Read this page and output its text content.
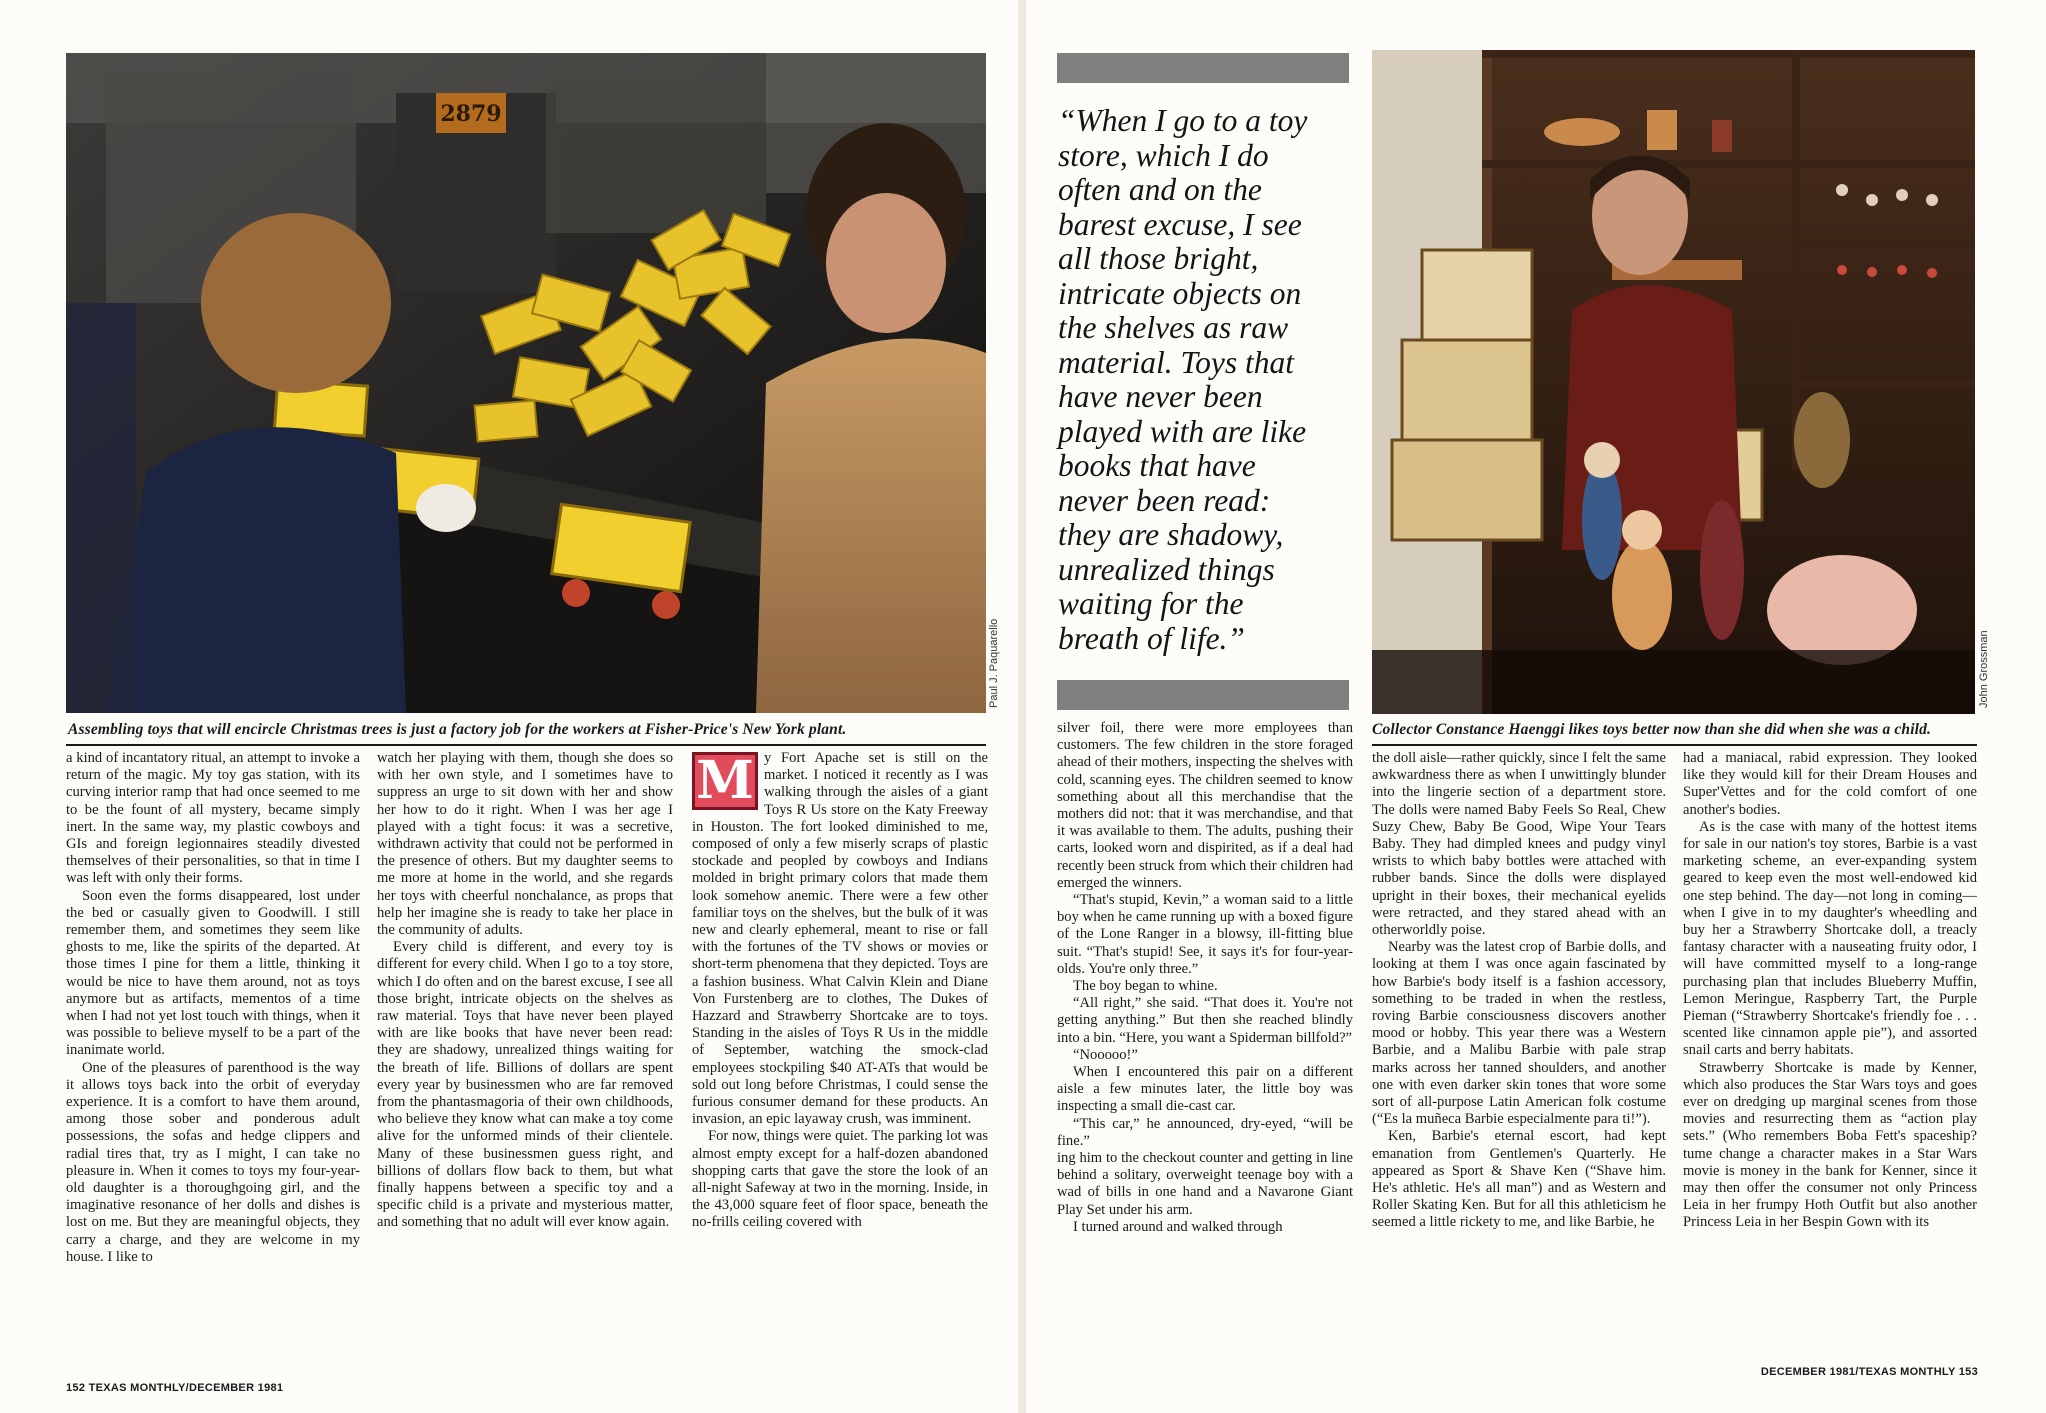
2879
Paul J. Paquarello
Assembling toys that will encircle Christmas trees is just a factory job for the workers at Fisher-Price's New York plant.

a kind of incantatory ritual, an attempt to invoke a return of the magic. My toy gas station, with its curving interior ramp that had once seemed to me to be the fount of all mystery, became simply inert. In the same way, my plastic cowboys and GIs and foreign legionnaires steadily divested themselves of their personalities, so that in time I was left with only their forms.

Soon even the forms disappeared, lost under the bed or casually given to Goodwill. I still remember them, and sometimes they seem like ghosts to me, like the spirits of the departed. At those times I pine for them a little, thinking it would be nice to have them around, not as toys anymore but as artifacts, mementos of a time when I had not yet lost touch with things, when it was possible to believe myself to be a part of the inanimate world.

One of the pleasures of parenthood is the way it allows toys back into the orbit of everyday experience. It is a comfort to have them around, among those sober and ponderous adult possessions, the sofas and hedge clippers and radial tires that, try as I might, I can take no pleasure in. When it comes to toys my four-year-old daughter is a thoroughgoing girl, and the imaginative resonance of her dolls and dishes is lost on me. But they are meaningful objects, they carry a charge, and they are welcome in my house. I like to

watch her playing with them, though she does so with her own style, and I sometimes have to suppress an urge to sit down with her and show her how to do it right. When I was her age I played with a tight focus: it was a secretive, withdrawn activity that could not be performed in the presence of others. But my daughter seems to me more at home in the world, and she regards her toys with cheerful nonchalance, as props that help her imagine she is ready to take her place in the community of adults.

Every child is different, and every toy is different for every child. When I go to a toy store, which I do often and on the barest excuse, I see all those bright, intricate objects on the shelves as raw material. Toys that have never been played with are like books that have never been read: they are shadowy, unrealized things waiting for the breath of life. Billions of dollars are spent every year by businessmen who are far removed from the phantasmagoria of their own childhoods, who believe they know what can make a toy come alive for the unformed minds of their clientele. Many of these businessmen guess right, and billions of dollars flow back to them, but what finally happens between a specific toy and a specific child is a private and mysterious matter, and something that no adult will ever know again.

M y Fort Apache set is still on the market. I noticed it recently as I was walking through the aisles of a giant Toys R Us store on the Katy Freeway in Houston. The fort looked diminished to me, composed of only a few miserly scraps of plastic stockade and peopled by cowboys and Indians molded in bright primary colors that made them look somehow anemic. There were a few other familiar toys on the shelves, but the bulk of it was new and clearly ephemeral, meant to rise or fall with the fortunes of the TV shows or movies or short-term phenomena that they depicted. Toys are a fashion business. What Calvin Klein and Diane Von Furstenberg are to clothes, The Dukes of Hazzard and Strawberry Shortcake are to toys. Standing in the aisles of Toys R Us in the middle of September, watching the smock-clad employees stockpiling $40 AT-ATs that would be sold out long before Christmas, I could sense the furious consumer demand for these products. An invasion, an epic layaway crush, was imminent.

For now, things were quiet. The parking lot was almost empty except for a half-dozen abandoned shopping carts that gave the store the look of an all-night Safeway at two in the morning. Inside, in the 43,000 square feet of floor space, beneath the no-frills ceiling covered with

152 TEXAS MONTHLY/DECEMBER 1981
“When I go to a toy store, which I do often and on the barest excuse, I see all those bright, intricate objects on the shelves as raw material. Toys that have never been played with are like books that have never been read: they are shadowy, unrealized things waiting for the breath of life.”	John Grossman
Collector Constance Haenggi likes toys better now than she did when she was a child.

silver foil, there were more employees than customers. The few children in the store foraged ahead of their mothers, inspecting the shelves with cold, scanning eyes. The children seemed to know something about all this merchandise that the mothers did not: that it was merchandise, and that it was available to them. The adults, pushing their carts, looked worn and dispirited, as if a deal had recently been struck from which their children had emerged the winners.

“That's stupid, Kevin,” a woman said to a little boy when he came running up with a boxed figure of the Lone Ranger in a blowsy, ill-fitting blue suit. “That's stupid! See, it says it's for four-year-olds. You're only three.”

The boy began to whine.

“All right,” she said. “That does it. You're not getting anything.” But then she reached blindly into a bin. “Here, you want a Spiderman billfold?”

“Nooooo!”

When I encountered this pair on a different aisle a few minutes later, the little boy was inspecting a small die-cast car.

“This car,” he announced, dry-eyed, “will be fine.”

ing him to the checkout counter and getting in line behind a solitary, overweight teenage boy with a wad of bills in one hand and a Navarone Giant Play Set under his arm.

I turned around and walked through

the doll aisle—rather quickly, since I felt the same awkwardness there as when I unwittingly blunder into the lingerie section of a department store. The dolls were named Baby Feels So Real, Chew Suzy Chew, Baby Be Good, Wipe Your Tears Baby. They had dimpled knees and pudgy vinyl wrists to which baby bottles were attached with rubber bands. Since the dolls were displayed upright in their boxes, their mechanical eyelids were retracted, and they stared ahead with an otherworldly poise.

Nearby was the latest crop of Barbie dolls, and looking at them I was once again fascinated by how Barbie's body itself is a fashion accessory, something to be traded in when the restless, roving Barbie consciousness discovers another mood or hobby. This year there was a Western Barbie, and a Malibu Barbie with pale strap marks across her tanned shoulders, and another one with even darker skin tones that wore some sort of all-purpose Latin American folk costume (“Es la muñeca Barbie especialmente para ti!”).

Ken, Barbie's eternal escort, had kept emanation from Gentlemen's Quarterly. He appeared as Sport & Shave Ken (“Shave him. He's athletic. He's all man”) and as Western and Roller Skating Ken. But for all this athleticism he seemed a little rickety to me, and like Barbie, he

had a maniacal, rabid expression. They looked like they would kill for their Dream Houses and Super'Vettes and for the cold comfort of one another's bodies.

As is the case with many of the hottest items for sale in our nation's toy stores, Barbie is a vast marketing scheme, an ever-expanding system geared to keep even the most well-endowed kid one step behind. The day—not long in coming—when I give in to my daughter's wheedling and buy her a Strawberry Shortcake doll, a treacly fantasy character with a nauseating fruity odor, I will have committed myself to a long-range purchasing plan that includes Blueberry Muffin, Lemon Meringue, Raspberry Tart, the Purple Pieman (“Strawberry Shortcake's friendly foe . . . scented like cinnamon apple pie”), and assorted snail carts and berry habitats.

Strawberry Shortcake is made by Kenner, which also produces the Star Wars toys and goes ever on dredging up marginal scenes from those movies and resurrecting them as “action play sets.” (Who remembers Boba Fett's spaceship? tume change a character makes in a Star Wars movie is money in the bank for Kenner, since it may then offer the consumer not only Princess Leia in her frumpy Hoth Outfit but also another Princess Leia in her Bespin Gown with its

DECEMBER 1981/TEXAS MONTHLY 153
